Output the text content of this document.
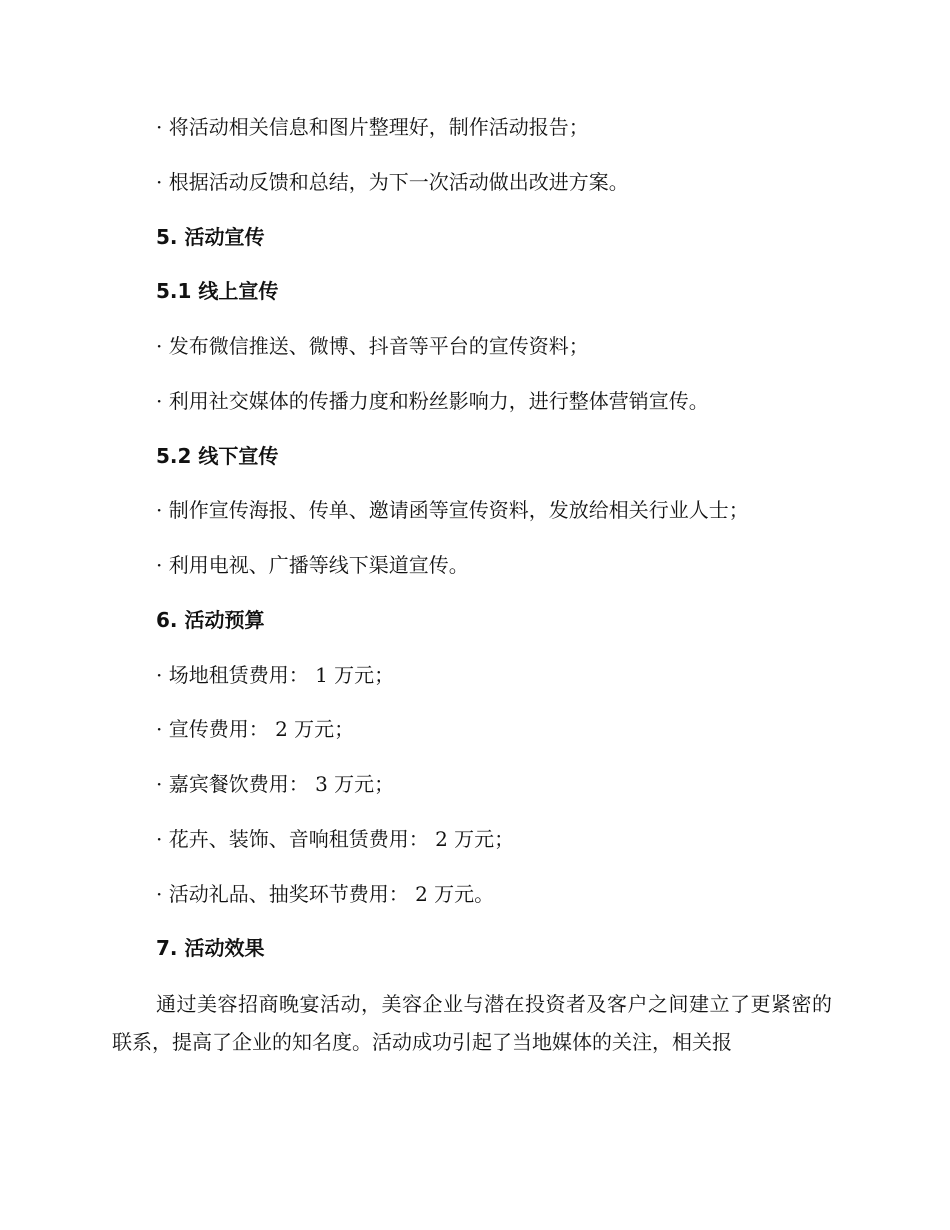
· 将活动相关信息和图片整理好，制作活动报告；
· 根据活动反馈和总结，为下一次活动做出改进方案。
5. 活动宣传
5.1 线上宣传
· 发布微信推送、微博、抖音等平台的宣传资料；
· 利用社交媒体的传播力度和粉丝影响力，进行整体营销宣传。
5.2 线下宣传
· 制作宣传海报、传单、邀请函等宣传资料，发放给相关行业人士；
· 利用电视、广播等线下渠道宣传。
6. 活动预算
· 场地租赁费用： 1 万元；
· 宣传费用： 2 万元；
· 嘉宾餐饮费用： 3 万元；
· 花卉、装饰、音响租赁费用： 2 万元；
· 活动礼品、抽奖环节费用： 2 万元。
7. 活动效果
通过美容招商晚宴活动，美容企业与潜在投资者及客户之间建立了更紧密的联系，提高了企业的知名度。活动成功引起了当地媒体的关注，相关报
